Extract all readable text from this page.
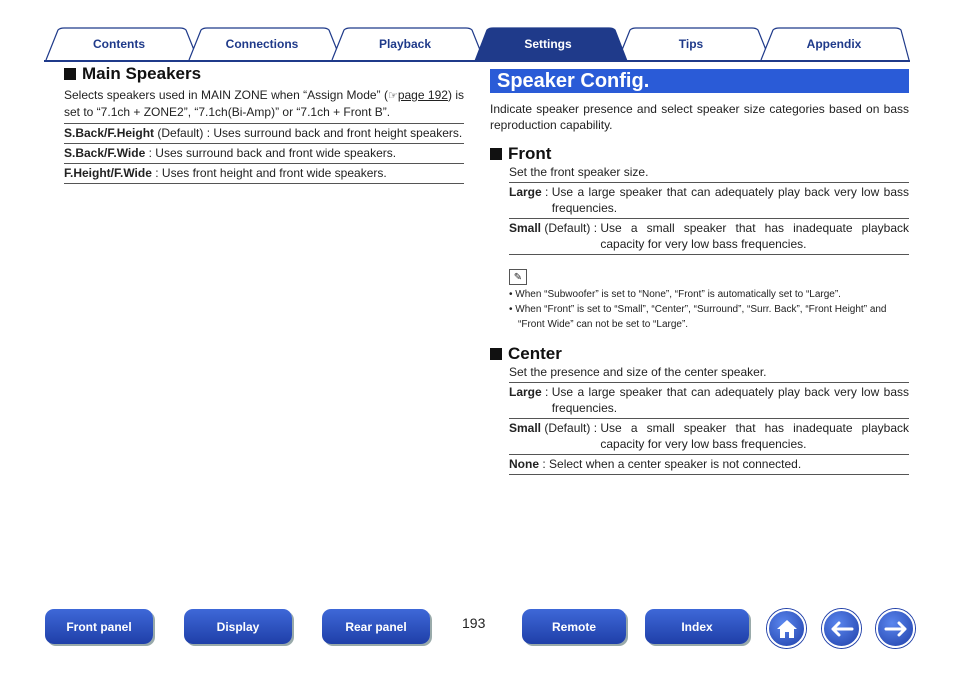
Contents	Connections	Playback	Settings	Tips	Appendix
Main Speakers
Selects speakers used in MAIN ZONE when “Assign Mode” (☞page 192) is set to “7.1ch + ZONE2”, “7.1ch(Bi-Amp)” or “7.1ch + Front B”.
S.Back/F.Height (Default) : Uses surround back and front height speakers.
S.Back/F.Wide : Uses surround back and front wide speakers.
F.Height/F.Wide : Uses front height and front wide speakers.
Speaker Config.
Indicate speaker presence and select speaker size categories based on bass reproduction capability.
Front
Set the front speaker size.
Large : Use a large speaker that can adequately play back very low bass frequencies.
Small (Default) : Use a small speaker that has inadequate playback capacity for very low bass frequencies.
✎
• When “Subwoofer” is set to “None”, “Front” is automatically set to “Large”.
• When “Front” is set to “Small”, “Center”, “Surround”, “Surr. Back”, “Front Height” and “Front Wide” can not be set to “Large”.
Center
Set the presence and size of the center speaker.
Large : Use a large speaker that can adequately play back very low bass frequencies.
Small (Default) : Use a small speaker that has inadequate playback capacity for very low bass frequencies.
None : Select when a center speaker is not connected.
Front panel	Display	Rear panel	193	Remote	Index
